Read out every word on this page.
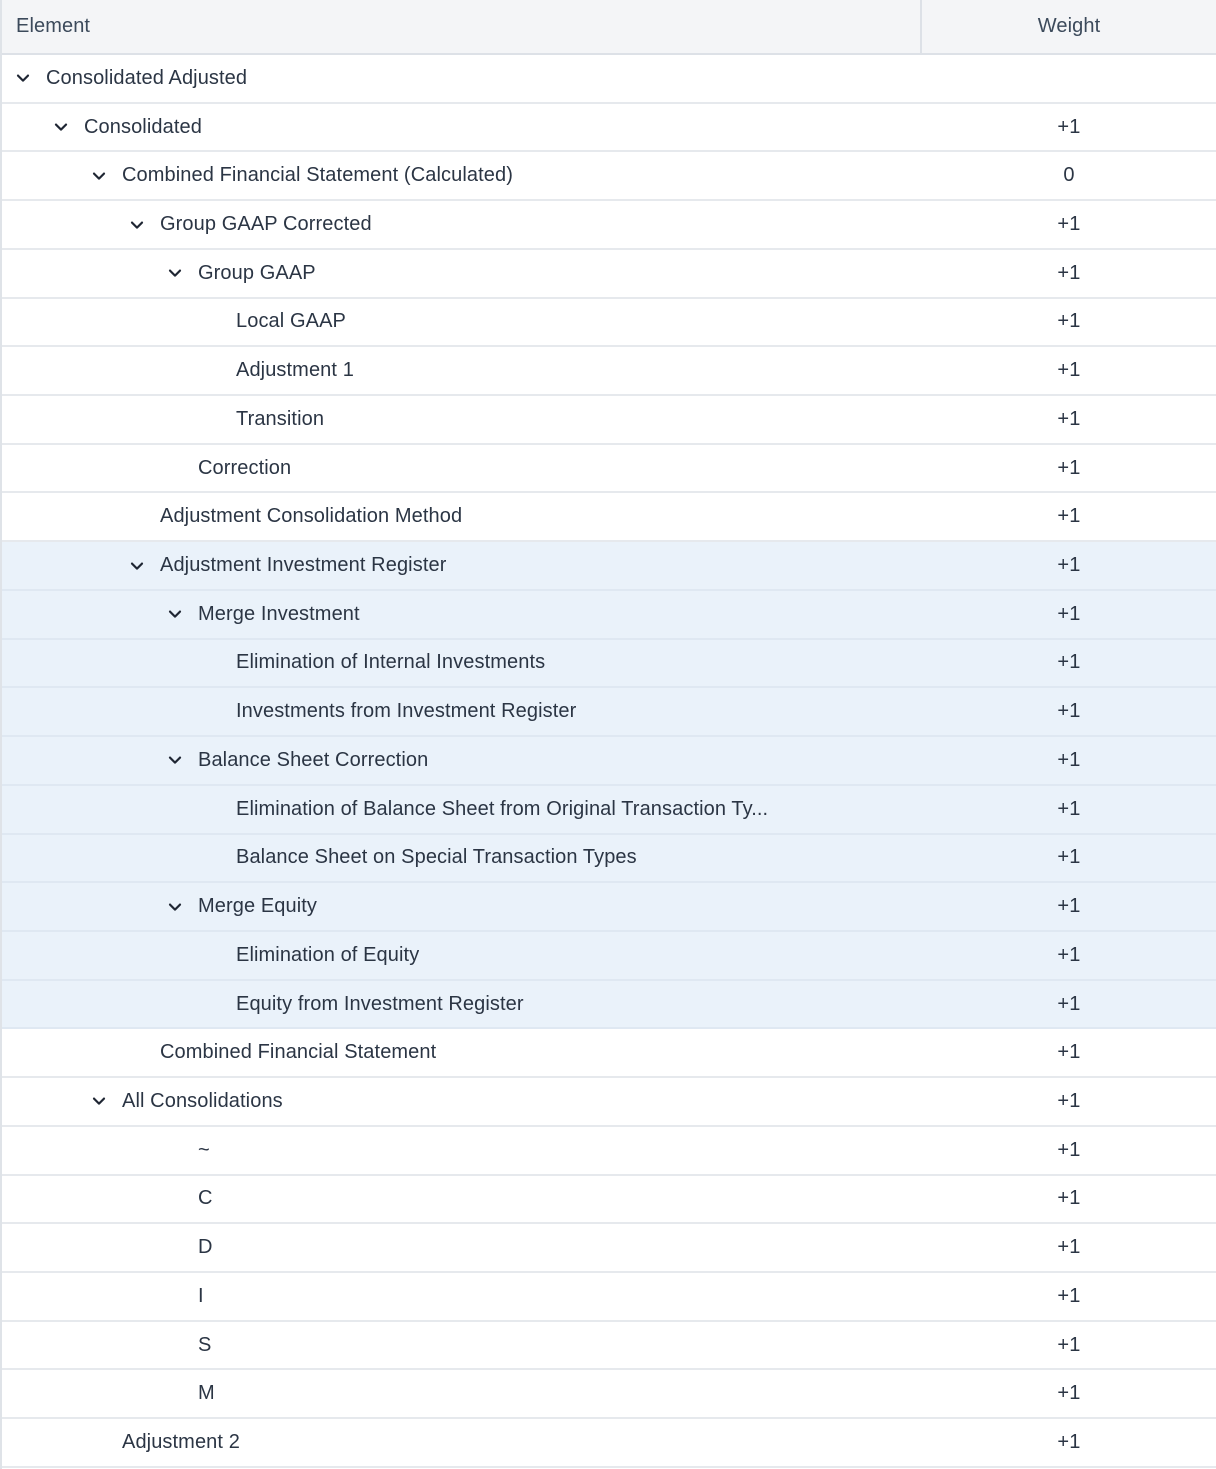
Element	Weight
Consolidated Adjusted
Consolidated	+1
Combined Financial Statement (Calculated)	0
Group GAAP Corrected	+1
Group GAAP	+1
Local GAAP	+1
Adjustment 1	+1
Transition	+1
Correction	+1
Adjustment Consolidation Method	+1
Adjustment Investment Register	+1
Merge Investment	+1
Elimination of Internal Investments	+1
Investments from Investment Register	+1
Balance Sheet Correction	+1
Elimination of Balance Sheet from Original Transaction Ty...	+1
Balance Sheet on Special Transaction Types	+1
Merge Equity	+1
Elimination of Equity	+1
Equity from Investment Register	+1
Combined Financial Statement	+1
All Consolidations	+1
~	+1
C	+1
D	+1
I	+1
S	+1
M	+1
Adjustment 2	+1
